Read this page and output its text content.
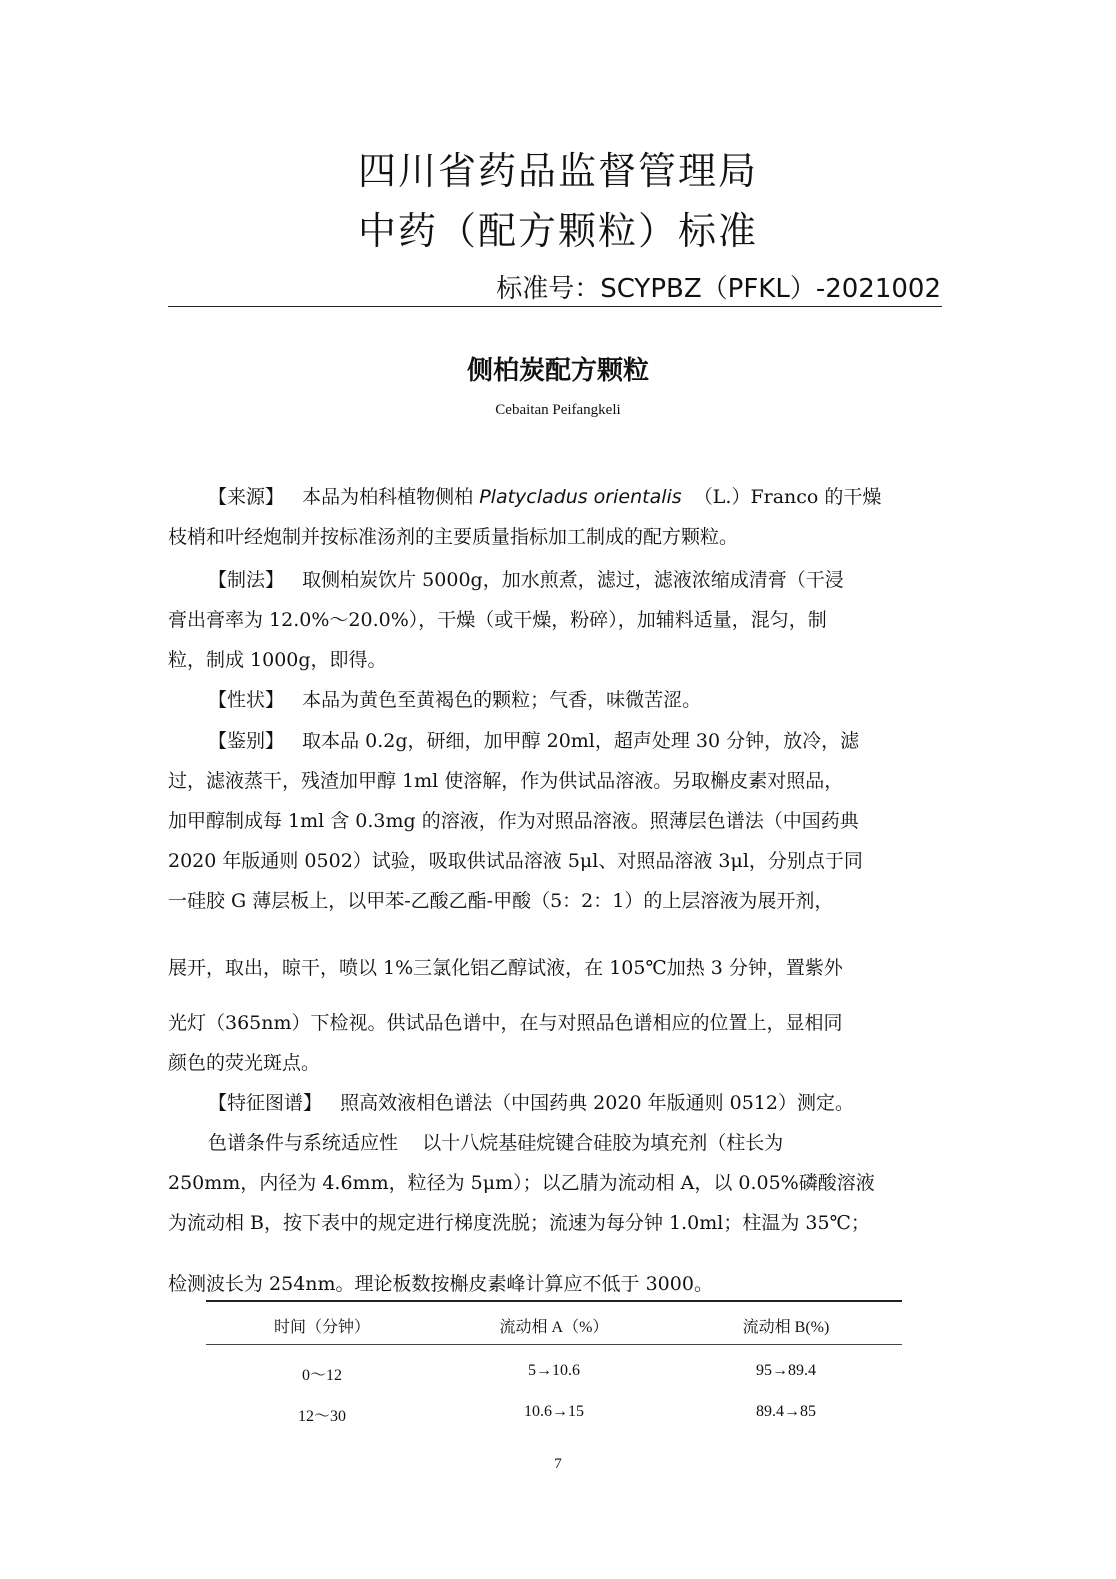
四川省药品监督管理局
中药（配方颗粒）标准
标准号：SCYPBZ（PFKL）-2021002
侧柏炭配方颗粒
Cebaitan Peifangkeli
【来源】 本品为柏科植物侧柏 Platycladus orientalis （L.）Franco 的干燥
枝梢和叶经炮制并按标准汤剂的主要质量指标加工制成的配方颗粒。
【制法】 取侧柏炭饮片 5000g，加水煎煮，滤过，滤液浓缩成清膏（干浸
膏出膏率为 12.0%～20.0%），干燥（或干燥，粉碎），加辅料适量，混匀，制
粒，制成 1000g，即得。
【性状】 本品为黄色至黄褐色的颗粒；气香，味微苦涩。
【鉴别】 取本品 0.2g，研细，加甲醇 20ml，超声处理 30 分钟，放冷，滤
过，滤液蒸干，残渣加甲醇 1ml 使溶解，作为供试品溶液。另取槲皮素对照品，
加甲醇制成每 1ml 含 0.3mg 的溶液，作为对照品溶液。照薄层色谱法（中国药典
2020 年版通则 0502）试验，吸取供试品溶液 5μl、对照品溶液 3μl，分别点于同
一硅胶 G 薄层板上，以甲苯-乙酸乙酯-甲酸（5：2：1）的上层溶液为展开剂，
展开，取出，晾干，喷以 1%三氯化铝乙醇试液，在 105℃加热 3 分钟，置紫外
光灯（365nm）下检视。供试品色谱中，在与对照品色谱相应的位置上，显相同
颜色的荧光斑点。
【特征图谱】 照高效液相色谱法（中国药典 2020 年版通则 0512）测定。
色谱条件与系统适应性 以十八烷基硅烷键合硅胶为填充剂（柱长为
250mm，内径为 4.6mm，粒径为 5μm）；以乙腈为流动相 A，以 0.05%磷酸溶液
为流动相 B，按下表中的规定进行梯度洗脱；流速为每分钟 1.0ml；柱温为 35℃；
检测波长为 254nm。理论板数按槲皮素峰计算应不低于 3000。
时间（分钟）	流动相 A（%）	流动相 B(%)
0～12	5→10.6	95→89.4
12～30	10.6→15	89.4→85
7
